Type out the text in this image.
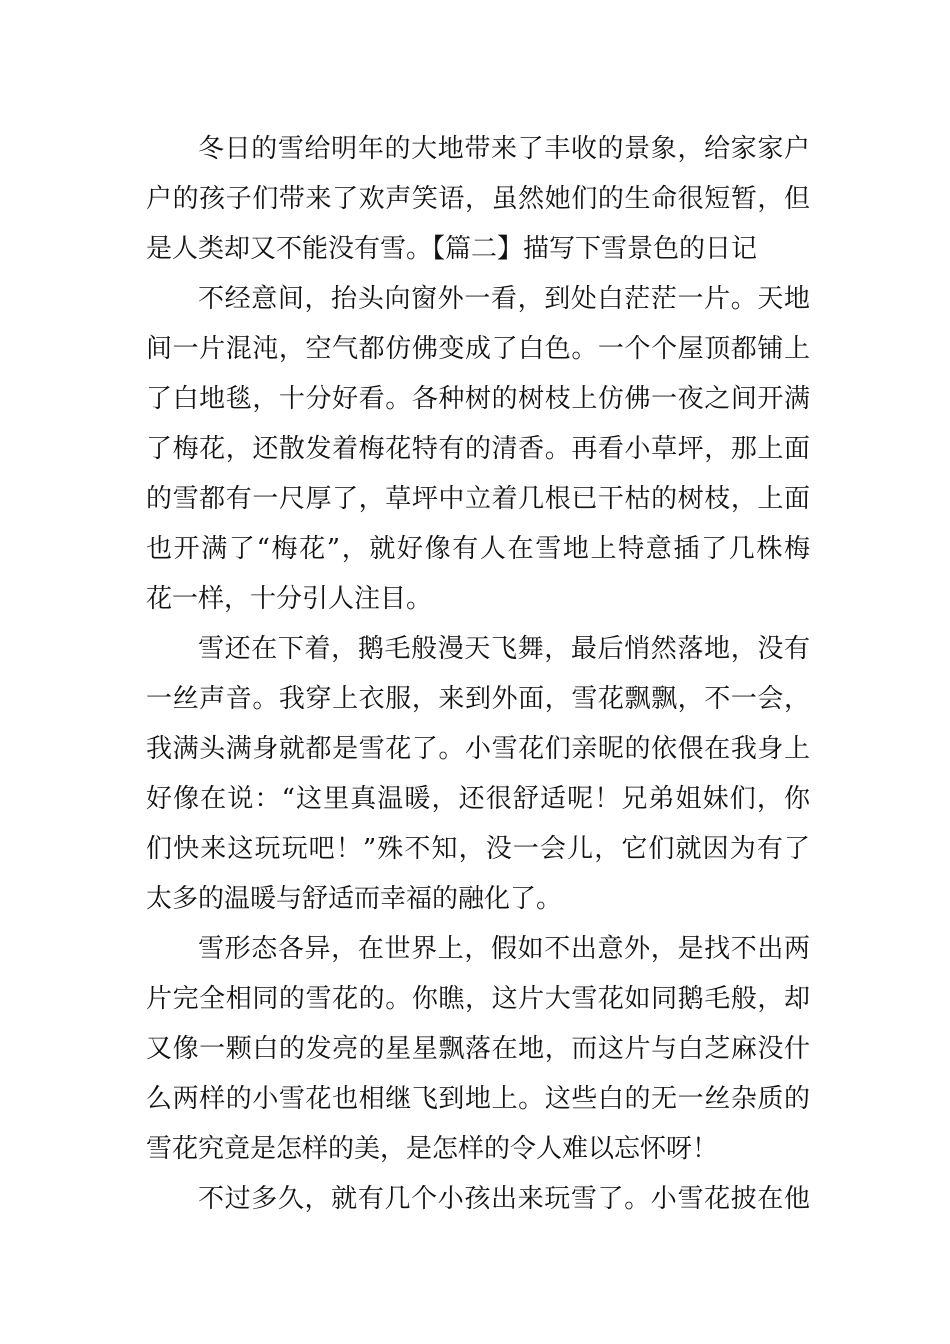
冬日的雪给明年的大地带来了丰收的景象，给家家户
户的孩子们带来了欢声笑语，虽然她们的生命很短暂，但
是人类却又不能没有雪。【篇二】描写下雪景色的日记
不经意间，抬头向窗外一看，到处白茫茫一片。天地
间一片混沌，空气都仿佛变成了白色。一个个屋顶都铺上
了白地毯，十分好看。各种树的树枝上仿佛一夜之间开满
了梅花，还散发着梅花特有的清香。再看小草坪，那上面
的雪都有一尺厚了，草坪中立着几根已干枯的树枝，上面
也开满了“梅花”，就好像有人在雪地上特意插了几株梅
花一样，十分引人注目。
雪还在下着，鹅毛般漫天飞舞，最后悄然落地，没有
一丝声音。我穿上衣服，来到外面，雪花飘飘，不一会，
我满头满身就都是雪花了。小雪花们亲昵的依偎在我身上
好像在说：“这里真温暖，还很舒适呢！兄弟姐妹们，你
们快来这玩玩吧！”殊不知，没一会儿，它们就因为有了
太多的温暖与舒适而幸福的融化了。
雪形态各异，在世界上，假如不出意外，是找不出两
片完全相同的雪花的。你瞧，这片大雪花如同鹅毛般，却
又像一颗白的发亮的星星飘落在地，而这片与白芝麻没什
么两样的小雪花也相继飞到地上。这些白的无一丝杂质的
雪花究竟是怎样的美，是怎样的令人难以忘怀呀！
不过多久，就有几个小孩出来玩雪了。小雪花披在他
